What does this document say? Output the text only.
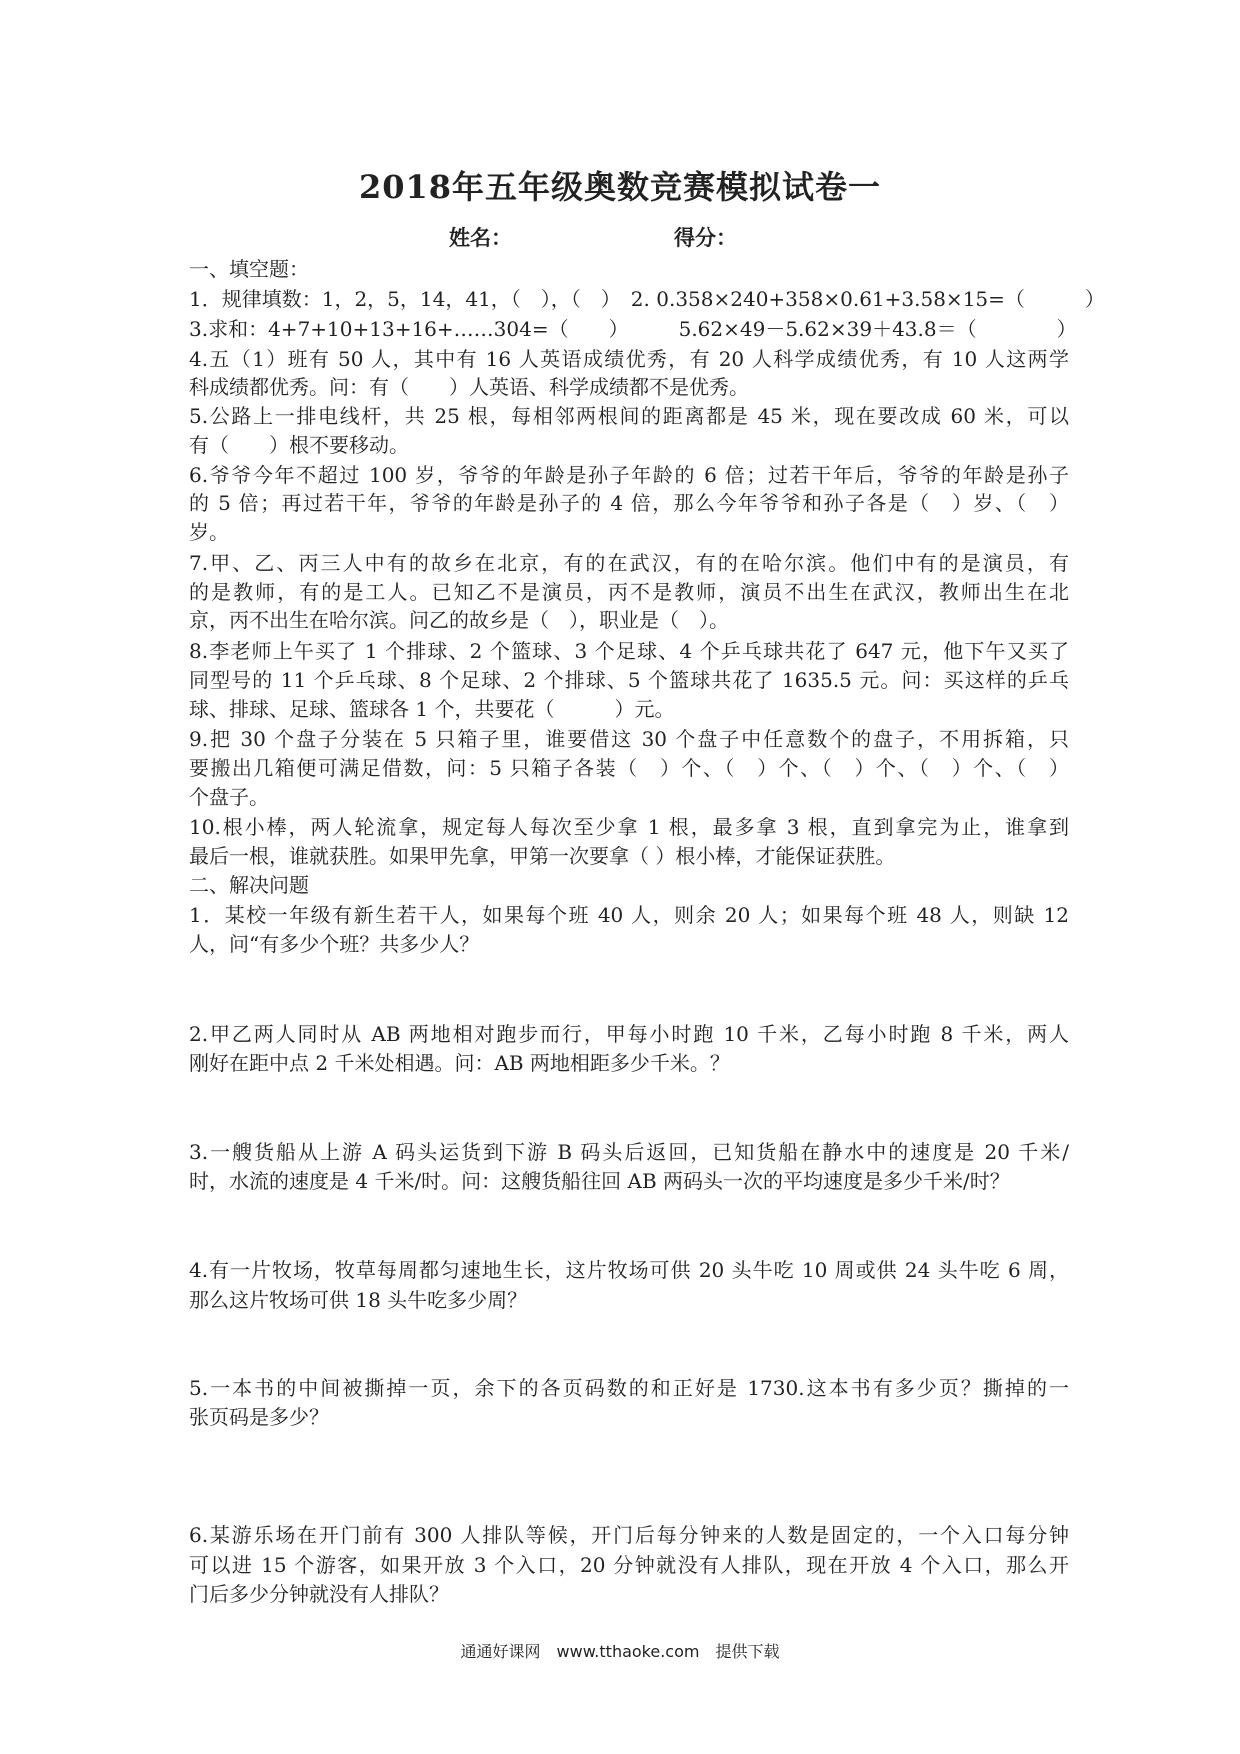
2018年五年级奥数竞赛模拟试卷一
姓名：	得分：
一、填空题：
1．规律填数：1，2，5，14，41，（　），（　）　2. 0.358×240+358×0.61+3.58×15=（　　　）
3.求和：4+7+10+13+16+……304=（　　）　　　5.62×49－5.62×39＋43.8＝（　　　　）
4.五（1）班有 50 人，其中有 16 人英语成绩优秀，有 20 人科学成绩优秀，有 10 人这两学
科成绩都优秀。问：有（　　）人英语、科学成绩都不是优秀。
5.公路上一排电线杆，共 25 根，每相邻两根间的距离都是 45 米，现在要改成 60 米，可以
有（　　）根不要移动。
6.爷爷今年不超过 100 岁，爷爷的年龄是孙子年龄的 6 倍；过若干年后，爷爷的年龄是孙子
的 5 倍；再过若干年，爷爷的年龄是孙子的 4 倍，那么今年爷爷和孙子各是（　）岁、（　）
岁。
7.甲、乙、丙三人中有的故乡在北京，有的在武汉，有的在哈尔滨。他们中有的是演员，有
的是教师，有的是工人。已知乙不是演员，丙不是教师，演员不出生在武汉，教师出生在北
京，丙不出生在哈尔滨。问乙的故乡是（　），职业是（　）。
8.李老师上午买了 1 个排球、2 个篮球、3 个足球、4 个乒乓球共花了 647 元，他下午又买了
同型号的 11 个乒乓球、8 个足球、2 个排球、5 个篮球共花了 1635.5 元。问：买这样的乒乓
球、排球、足球、篮球各 1 个，共要花（　　　）元。
9.把 30 个盘子分装在 5 只箱子里，谁要借这 30 个盘子中任意数个的盘子，不用拆箱，只
要搬出几箱便可满足借数，问：5 只箱子各装（　）个、（　）个、（　）个、（　）个、（　）
个盘子。
10.根小棒，两人轮流拿，规定每人每次至少拿 1 根，最多拿 3 根，直到拿完为止，谁拿到
最后一根，谁就获胜。如果甲先拿，甲第一次要拿（ ）根小棒，才能保证获胜。
二、解决问题
1．某校一年级有新生若干人，如果每个班 40 人，则余 20 人；如果每个班 48 人，则缺 12
人，问“有多少个班？共多少人？
2.甲乙两人同时从 AB 两地相对跑步而行，甲每小时跑 10 千米，乙每小时跑 8 千米，两人
刚好在距中点 2 千米处相遇。问：AB 两地相距多少千米。？
3.一艘货船从上游 A 码头运货到下游 B 码头后返回，已知货船在静水中的速度是 20 千米/
时，水流的速度是 4 千米/时。问：这艘货船往回 AB 两码头一次的平均速度是多少千米/时？
4.有一片牧场，牧草每周都匀速地生长，这片牧场可供 20 头牛吃 10 周或供 24 头牛吃 6 周，
那么这片牧场可供 18 头牛吃多少周？
5.一本书的中间被撕掉一页，余下的各页码数的和正好是 1730.这本书有多少页？撕掉的一
张页码是多少？
6.某游乐场在开门前有 300 人排队等候，开门后每分钟来的人数是固定的，一个入口每分钟
可以进 15 个游客，如果开放 3 个入口，20 分钟就没有人排队，现在开放 4 个入口，那么开
门后多少分钟就没有人排队？
通通好课网　www.tthaoke.com　提供下载
